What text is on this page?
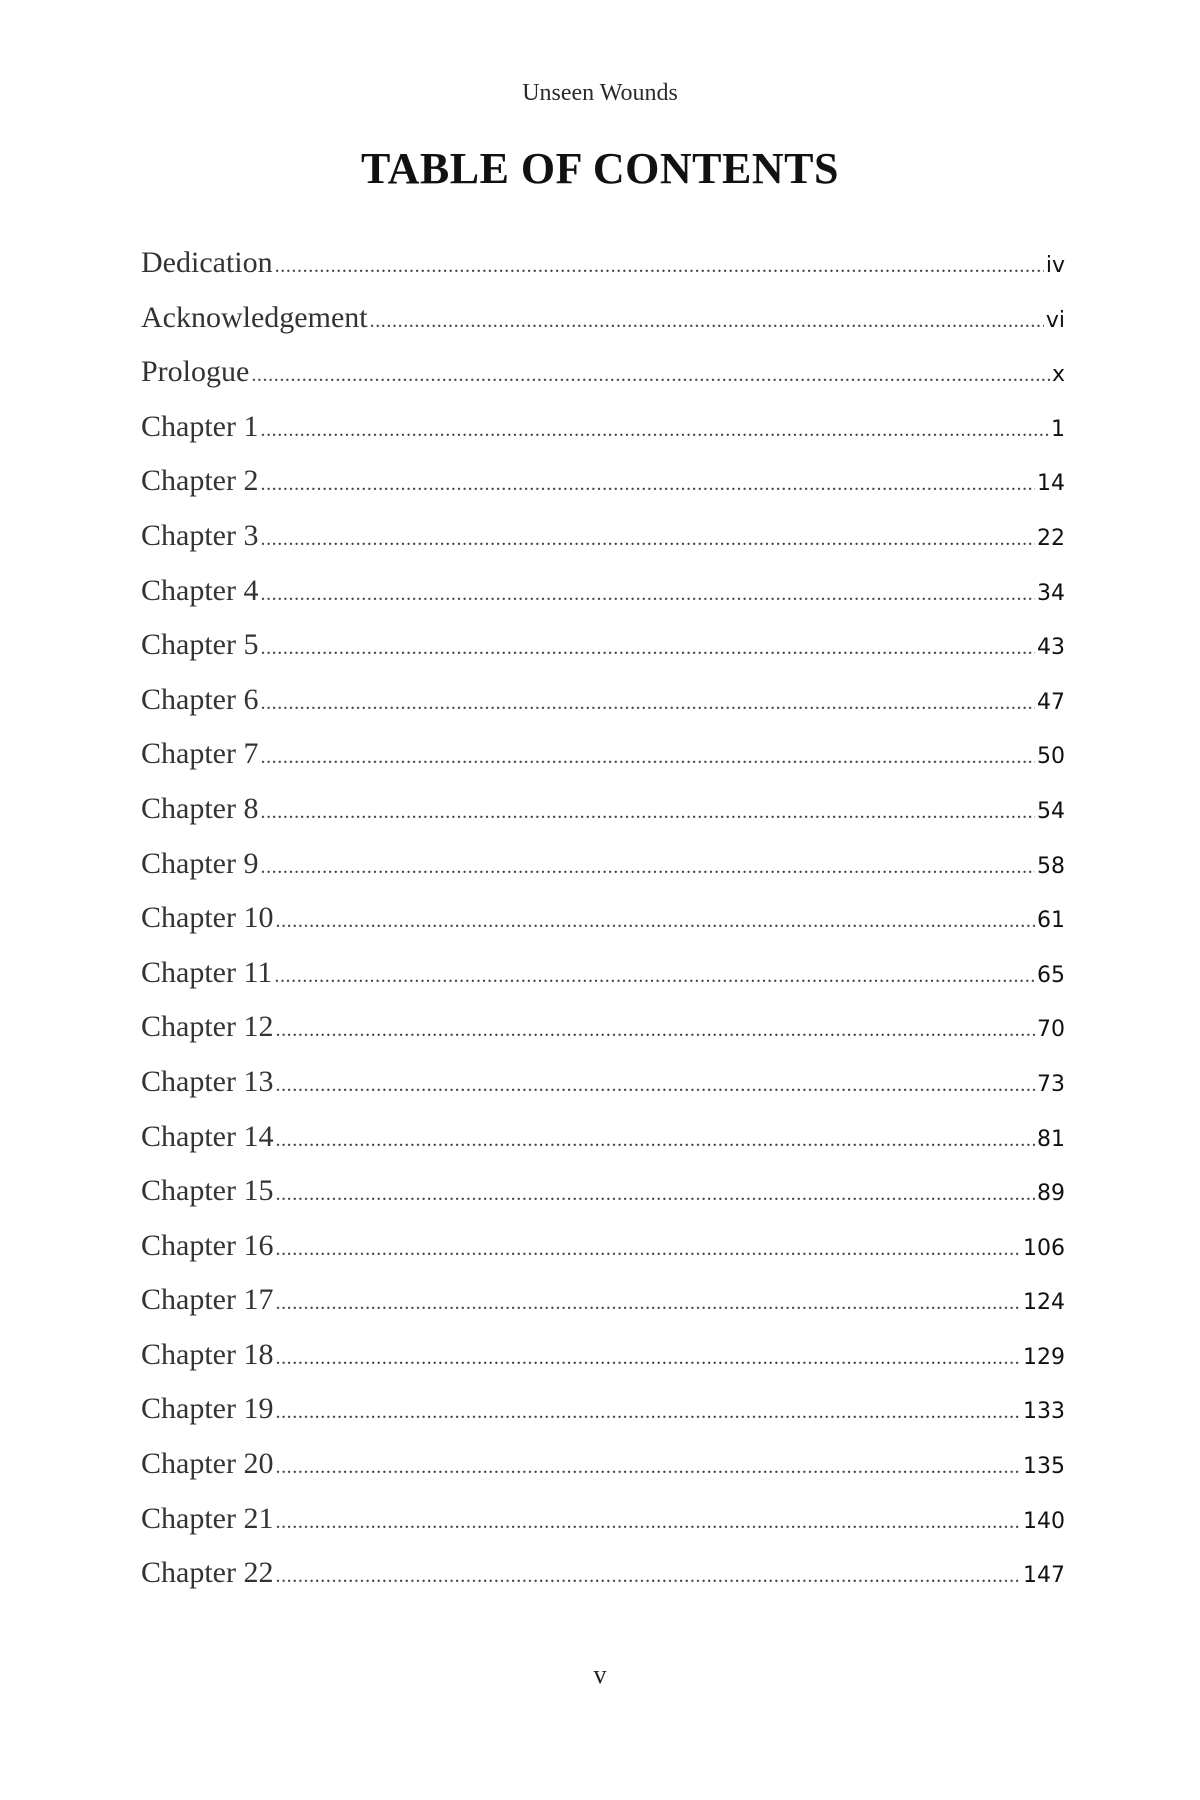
Unseen Wounds
TABLE OF CONTENTS
Dedication .....	iv
Acknowledgement .....	vi
Prologue .....	x
Chapter 1 .....	1
Chapter 2 .....	14
Chapter 3 .....	22
Chapter 4 .....	34
Chapter 5 .....	43
Chapter 6 .....	47
Chapter 7 .....	50
Chapter 8 .....	54
Chapter 9 .....	58
Chapter 10 .....	61
Chapter 11 .....	65
Chapter 12 .....	70
Chapter 13 .....	73
Chapter 14 .....	81
Chapter 15 .....	89
Chapter 16 .....	106
Chapter 17 .....	124
Chapter 18 .....	129
Chapter 19 .....	133
Chapter 20 .....	135
Chapter 21 .....	140
Chapter 22 .....	147
v
